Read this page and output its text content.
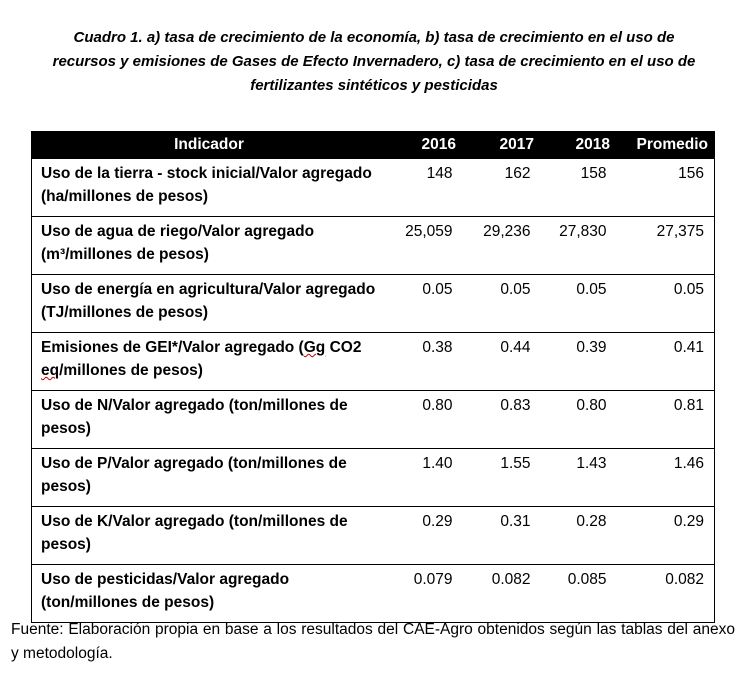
Cuadro 1. a) tasa de crecimiento de la economía, b) tasa de crecimiento en el uso de
recursos y emisiones de Gases de Efecto Invernadero, c) tasa de crecimiento en el uso de
fertilizantes sintéticos y pesticidas
Indicador	2016	2017	2018	Promedio
Uso de la tierra - stock inicial/Valor agregado (ha/millones de pesos)	148	162	158	156
Uso de agua de riego/Valor agregado (m³/millones de pesos)	25,059	29,236	27,830	27,375
Uso de energía en agricultura/Valor agregado (TJ/millones de pesos)	0.05	0.05	0.05	0.05
Emisiones de GEI*/Valor agregado (Gg CO2 eq/millones de pesos)	0.38	0.44	0.39	0.41
Uso de N/Valor agregado (ton/millones de pesos)	0.80	0.83	0.80	0.81
Uso de P/Valor agregado (ton/millones de pesos)	1.40	1.55	1.43	1.46
Uso de K/Valor agregado (ton/millones de pesos)	0.29	0.31	0.28	0.29
Uso de pesticidas/Valor agregado (ton/millones de pesos)	0.079	0.082	0.085	0.082
Fuente: Elaboración propia en base a los resultados del CAE-Agro obtenidos según las tablas del anexo y metodología.
